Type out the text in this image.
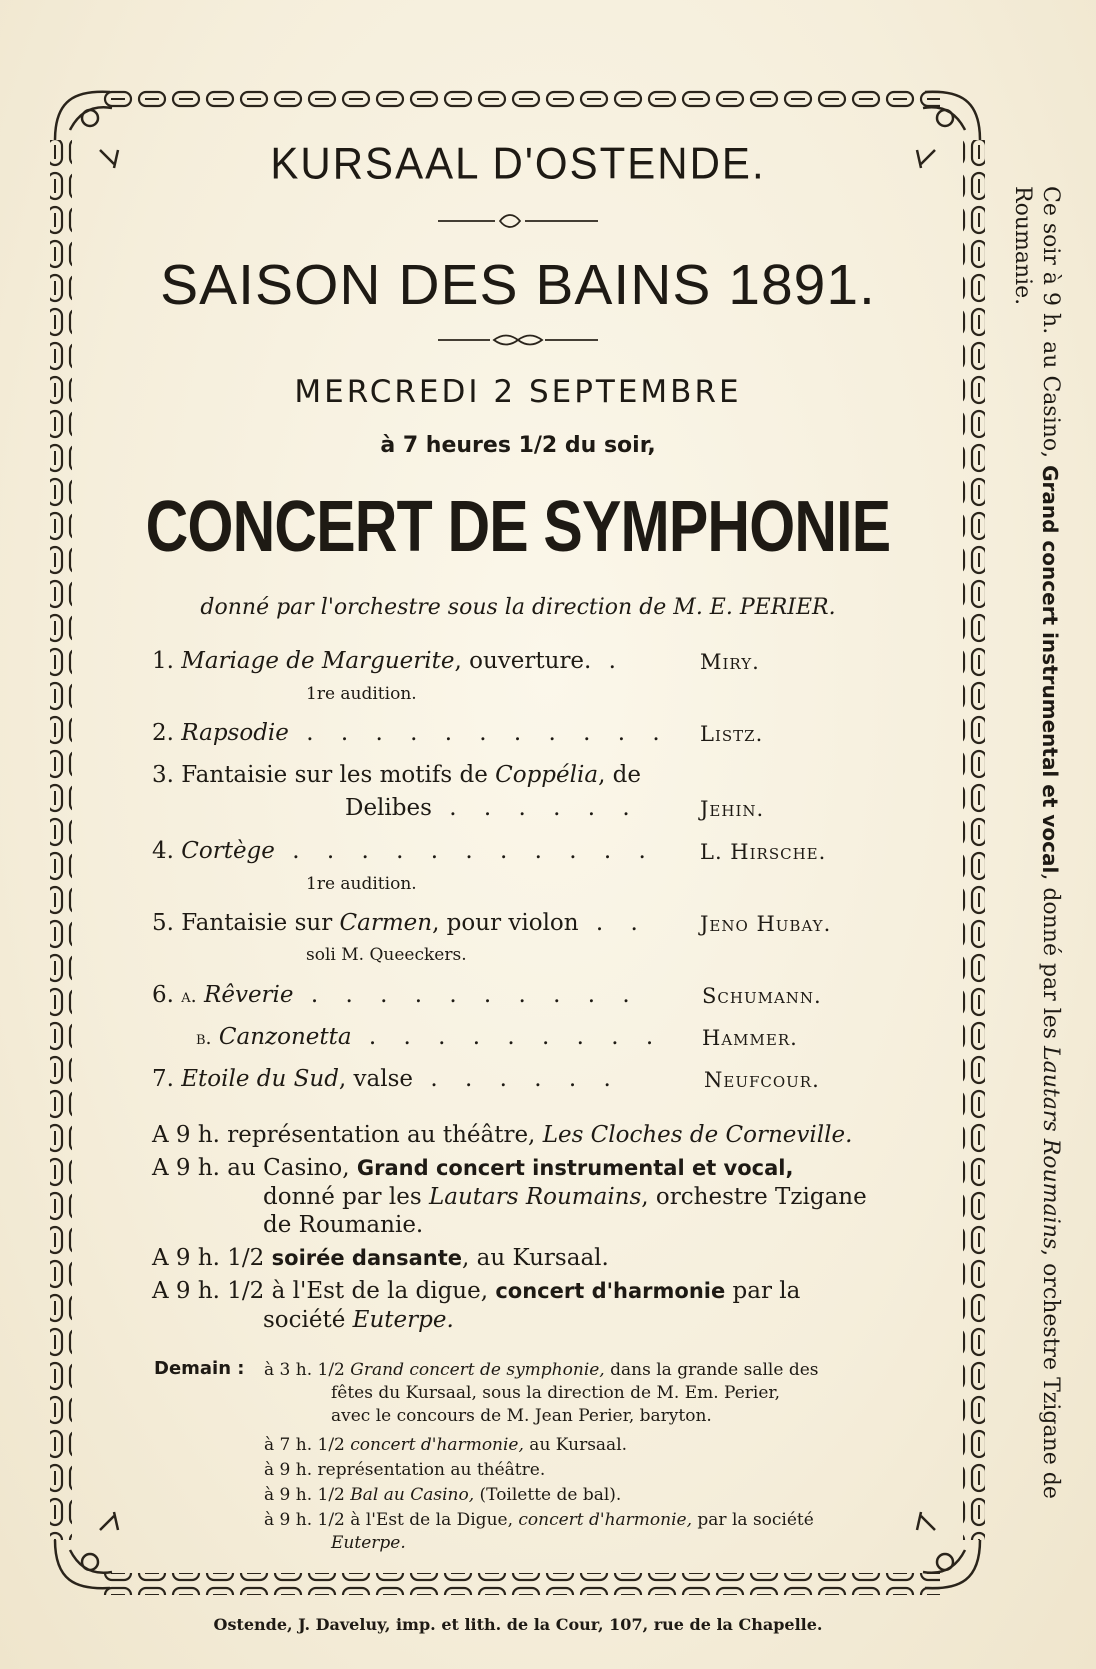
KURSAAL D'OSTENDE.
SAISON DES BAINS 1891.
MERCREDI 2 SEPTEMBRE
à 7 heures 1/2 du soir,
CONCERT DE SYMPHONIE
donné par l'orchestre sous la direction de M. E. PERIER.
1. Mariage de Marguerite, ouverture. .	Miry.
1re audition.
2. Rapsodie . . . . . . . . . . . Listz.
3. Fantaisie sur les motifs de Coppélia, de
Delibes . . . . . .	Jehin.
4. Cortège . . . . . . . . . . . L. Hirsche.
1re audition.
5. Fantaisie sur Carmen, pour violon . . Jeno Hubay.
soli M. Queeckers.
6. a. Rêverie . . . . . . . . . .	Schumann.
b. Canzonetta . . . . . . . . . Hammer.
7. Etoile du Sud, valse . . . . . .	Neufcour.
A 9 h. représentation au théâtre, Les Cloches de Corneville.
A 9 h. au Casino, Grand concert instrumental et vocal,
donné par les Lautars Roumains, orchestre Tzigane
de Roumanie.
A 9 h. 1/2 soirée dansante, au Kursaal.
A 9 h. 1/2 à l'Est de la digue, concert d'harmonie par la
société Euterpe.
Demain : à 3 h. 1/2 Grand concert de symphonie, dans la grande salle des
fêtes du Kursaal, sous la direction de M. Em. Perier,
avec le concours de M. Jean Perier, baryton.
à 7 h. 1/2 concert d'harmonie, au Kursaal.
à 9 h. représentation au théâtre.
à 9 h. 1/2 Bal au Casino, (Toilette de bal).
à 9 h. 1/2 à l'Est de la Digue, concert d'harmonie, par la société
Euterpe.
Ostende, J. Daveluy, imp. et lith. de la Cour, 107, rue de la Chapelle.
Ce soir à 9 h. au Casino, Grand concert instrumental et vocal, donné par les Lautars Roumains, orchestre Tzigane de Roumanie.
